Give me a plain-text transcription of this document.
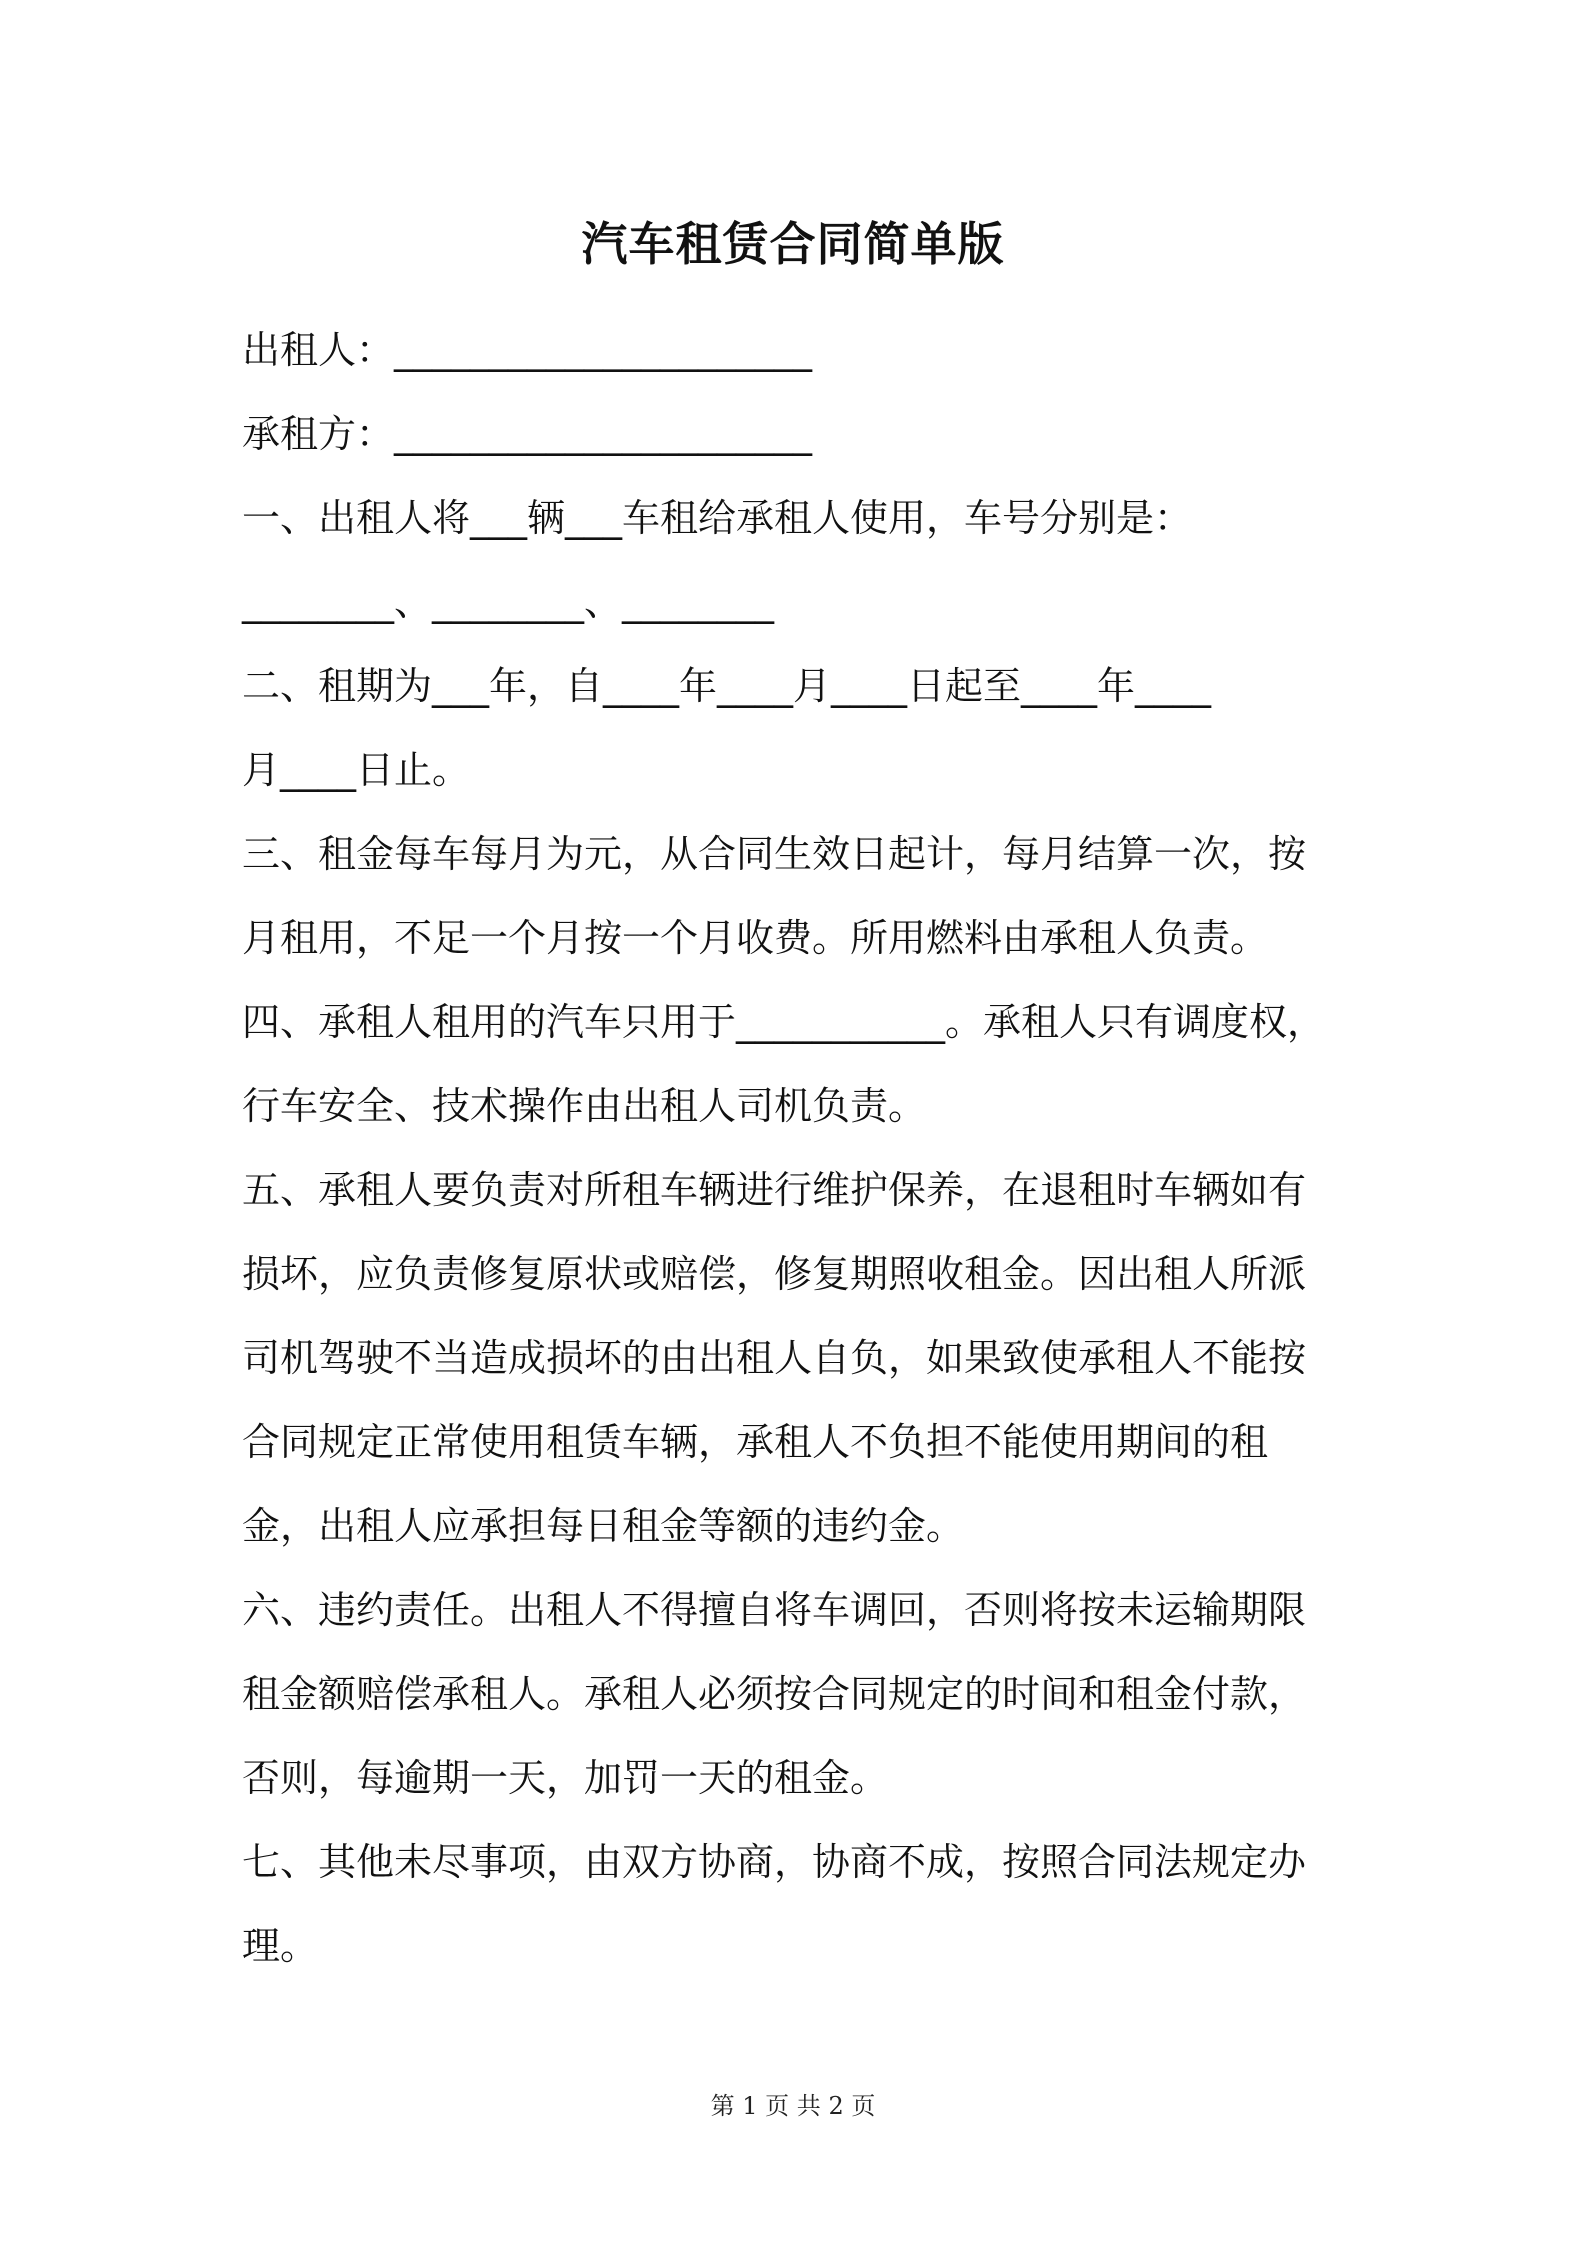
汽车租赁合同简单版
出租人：______________________
承租方：______________________
一、出租人将___辆___车租给承租人使用，车号分别是：
________、________、________
二、租期为___年，自____年____月____日起至____年____
月____日止。
三、租金每车每月为元，从合同生效日起计，每月结算一次，按
月租用，不足一个月按一个月收费。所用燃料由承租人负责。
四、承租人租用的汽车只用于___________。承租人只有调度权，
行车安全、技术操作由出租人司机负责。
五、承租人要负责对所租车辆进行维护保养，在退租时车辆如有
损坏，应负责修复原状或赔偿，修复期照收租金。因出租人所派
司机驾驶不当造成损坏的由出租人自负，如果致使承租人不能按
合同规定正常使用租赁车辆，承租人不负担不能使用期间的租
金，出租人应承担每日租金等额的违约金。
六、违约责任。出租人不得擅自将车调回，否则将按未运输期限
租金额赔偿承租人。承租人必须按合同规定的时间和租金付款，
否则，每逾期一天，加罚一天的租金。
七、其他未尽事项，由双方协商，协商不成，按照合同法规定办
理。
第 1 页 共 2 页
